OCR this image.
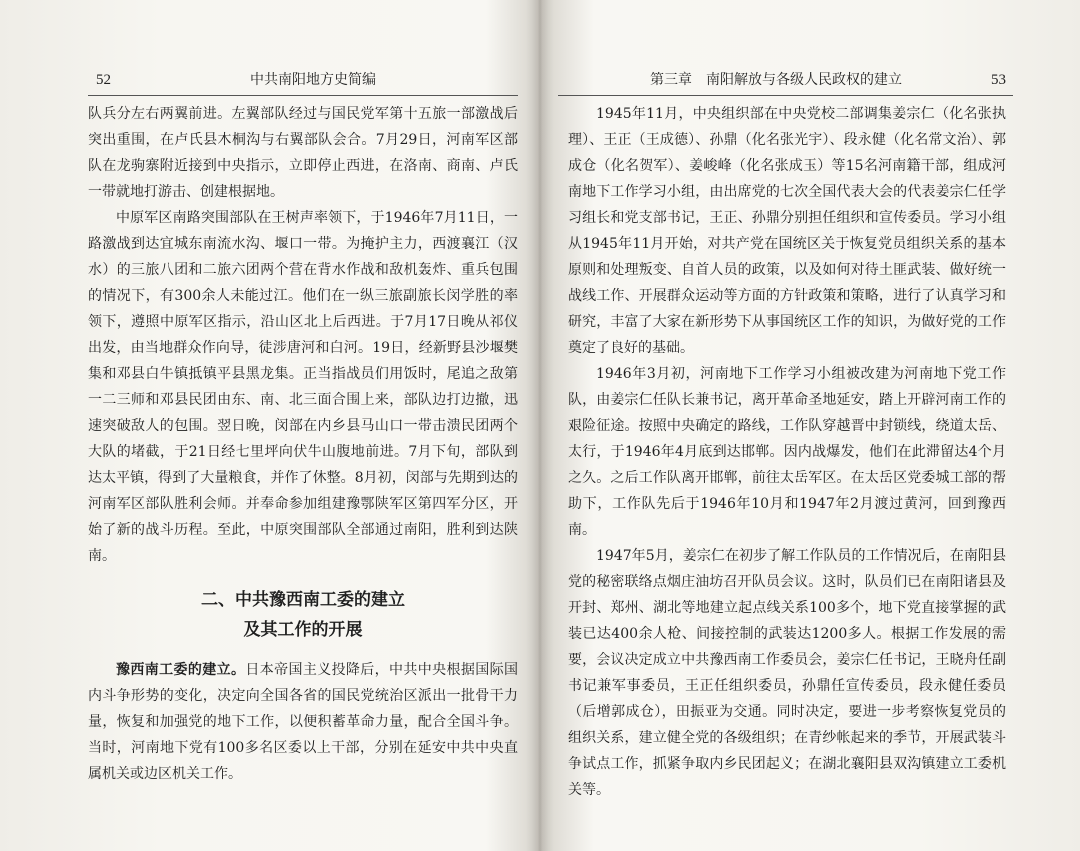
52	中共南阳地方史简编

队兵分左右两翼前进。左翼部队经过与国民党军第十五旅一部激战后突出重围，在卢氏县木桐沟与右翼部队会合。7月29日，河南军区部队在龙驹寨附近接到中央指示，立即停止西进，在洛南、商南、卢氏一带就地打游击、创建根据地。

中原军区南路突围部队在王树声率领下，于1946年7月11日，一路激战到达宜城东南流水沟、堰口一带。为掩护主力，西渡襄江（汉水）的三旅八团和二旅六团两个营在背水作战和敌机轰炸、重兵包围的情况下，有300余人未能过江。他们在一纵三旅副旅长闵学胜的率领下，遵照中原军区指示，沿山区北上后西进。于7月17日晚从祁仪出发，由当地群众作向导，徒涉唐河和白河。19日，经新野县沙堰樊集和邓县白牛镇抵镇平县黑龙集。正当指战员们用饭时，尾追之敌第一二三师和邓县民团由东、南、北三面合围上来，部队边打边撤，迅速突破敌人的包围。翌日晚，闵部在内乡县马山口一带击溃民团两个大队的堵截，于21日经七里坪向伏牛山腹地前进。7月下旬，部队到达太平镇，得到了大量粮食，并作了休整。8月初，闵部与先期到达的河南军区部队胜利会师。并奉命参加组建豫鄂陕军区第四军分区，开始了新的战斗历程。至此，中原突围部队全部通过南阳，胜利到达陕南。

二、中共豫西南工委的建立
及其工作的开展

豫西南工委的建立。日本帝国主义投降后，中共中央根据国际国内斗争形势的变化，决定向全国各省的国民党统治区派出一批骨干力量，恢复和加强党的地下工作，以便积蓄革命力量，配合全国斗争。当时，河南地下党有100多名区委以上干部，分别在延安中共中央直属机关或边区机关工作。

第三章　南阳解放与各级人民政权的建立	53

1945年11月，中央组织部在中央党校二部调集姜宗仁（化名张执理）、王正（王成德）、孙鼎（化名张光宇）、段永健（化名常文治）、郭成仓（化名贺军）、姜峻峰（化名张成玉）等15名河南籍干部，组成河南地下工作学习小组，由出席党的七次全国代表大会的代表姜宗仁任学习组长和党支部书记，王正、孙鼎分别担任组织和宣传委员。学习小组从1945年11月开始，对共产党在国统区关于恢复党员组织关系的基本原则和处理叛变、自首人员的政策，以及如何对待土匪武装、做好统一战线工作、开展群众运动等方面的方针政策和策略，进行了认真学习和研究，丰富了大家在新形势下从事国统区工作的知识，为做好党的工作奠定了良好的基础。

1946年3月初，河南地下工作学习小组被改建为河南地下党工作队，由姜宗仁任队长兼书记，离开革命圣地延安，踏上开辟河南工作的艰险征途。按照中央确定的路线，工作队穿越晋中封锁线，绕道太岳、太行，于1946年4月底到达邯郸。因内战爆发，他们在此滞留达4个月之久。之后工作队离开邯郸，前往太岳军区。在太岳区党委城工部的帮助下，工作队先后于1946年10月和1947年2月渡过黄河，回到豫西南。

1947年5月，姜宗仁在初步了解工作队员的工作情况后，在南阳县党的秘密联络点烟庄油坊召开队员会议。这时，队员们已在南阳诸县及开封、郑州、湖北等地建立起点线关系100多个，地下党直接掌握的武装已达400余人枪、间接控制的武装达1200多人。根据工作发展的需要，会议决定成立中共豫西南工作委员会，姜宗仁任书记，王晓舟任副书记兼军事委员，王正任组织委员，孙鼎任宣传委员，段永健任委员（后增郭成仓），田振亚为交通。同时决定，要进一步考察恢复党员的组织关系，建立健全党的各级组织；在青纱帐起来的季节，开展武装斗争试点工作，抓紧争取内乡民团起义；在湖北襄阳县双沟镇建立工委机关等。
